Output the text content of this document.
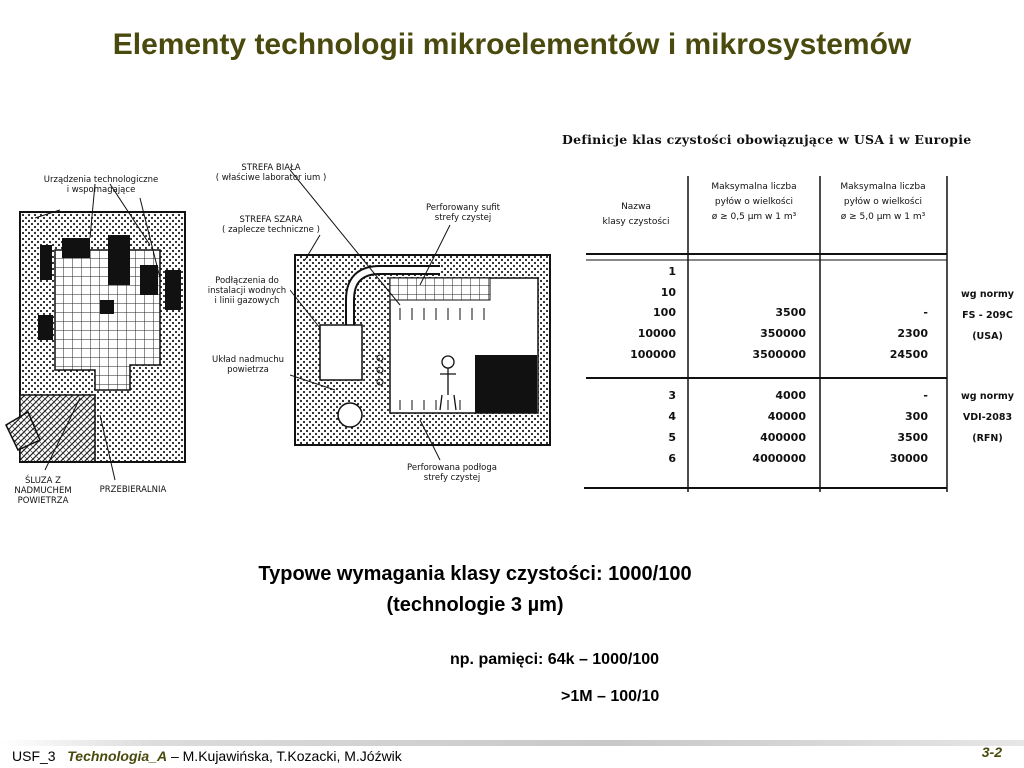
Elementy technologii mikroelementów i mikrosystemów
Urządzenia technologiczne
i wspomagające
STREFA BIAŁA
( właściwe laborator ium )
STREFA SZARA
( zaplecze techniczne )
Perforowany sufit
strefy czystej
Podłączenia do
instalacji wodnych
i linii gazowych
Układ nadmuchu
powietrza
ŚLUZA Z
NADMUCHEM
POWIETRZA
PRZEBIERALNIA
Perforowana podłoga
strefy czystej
Definicje klas czystości obowiązujące w USA i w Europie
Nazwa
klasy czystości
Maksymalna liczba
pyłów o wielkości
ø ≥ 0,5 µm w 1 m³
Maksymalna liczba
pyłów o wielkości
ø ≥ 5,0 µm w 1 m³
1
10
100	3500	-
10000	350000	2300
100000	3500000	24500
3	4000	-
4	40000	300
5	400000	3500
6	4000000	30000
wg normy
FS - 209C
(USA)
wg normy
VDI-2083
(RFN)
Typowe wymagania klasy czystości: 1000/100
(technologie 3 µm)
np. pamięci: 64k – 1000/100
>1M – 100/10
USF_3 Technologia_A – M.Kujawińska, T.Kozacki, M.Jóźwik	3-2
